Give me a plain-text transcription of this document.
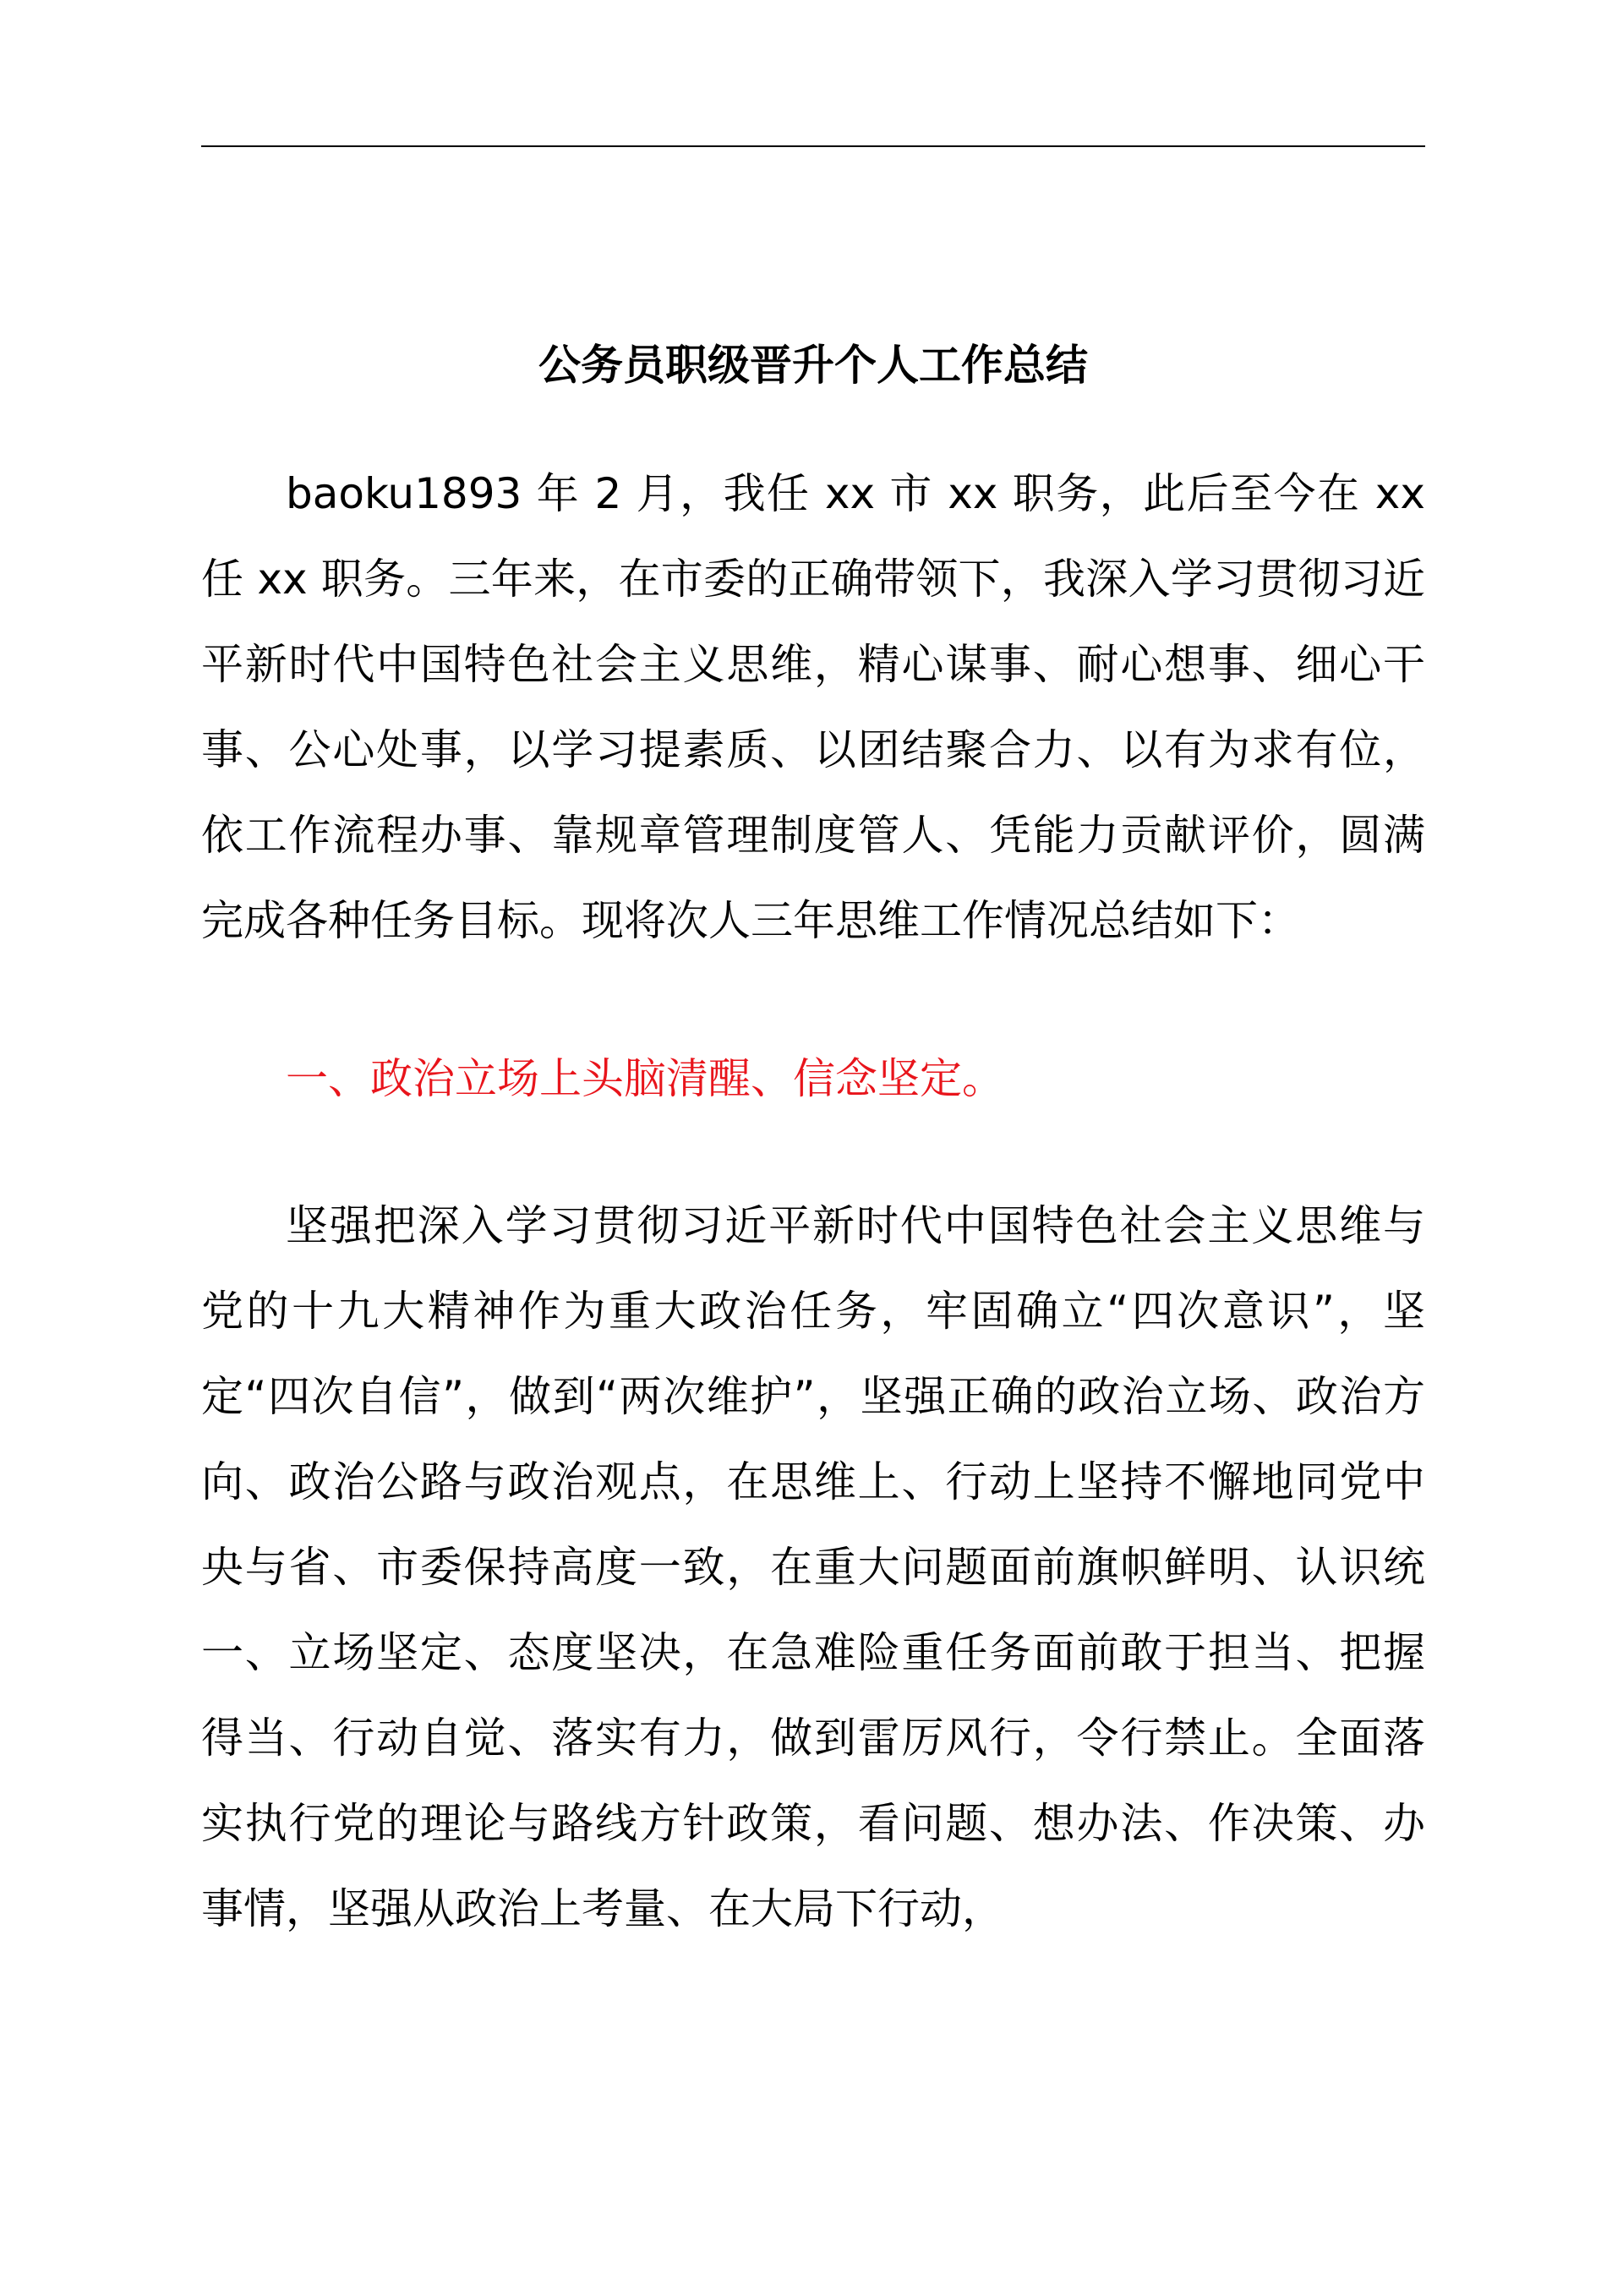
公务员职级晋升个人工作总结

baoku1893 年 2 月，我任 xx 市 xx 职务，此后至今在 xx 任 xx 职务。三年来，在市委的正确带领下，我深入学习贯彻习近平新时代中国特色社会主义思维，精心谋事、耐心想事、细心干事、公心处事，以学习提素质、以团结聚合力、以有为求有位，依工作流程办事、靠规章管理制度管人、凭能力贡献评价，圆满完成各种任务目标。现将次人三年思维工作情况总结如下：

一、政治立场上头脑清醒、信念坚定。

坚强把深入学习贯彻习近平新时代中国特色社会主义思维与党的十九大精神作为重大政治任务，牢固确立“四次意识”，坚定“四次自信”，做到“两次维护”，坚强正确的政治立场、政治方向、政治公路与政治观点，在思维上、行动上坚持不懈地同党中央与省、市委保持高度一致，在重大问题面前旗帜鲜明、认识统一、立场坚定、态度坚决，在急难险重任务面前敢于担当、把握得当、行动自觉、落实有力，做到雷厉风行，令行禁止。全面落实执行党的理论与路线方针政策，看问题、想办法、作决策、办事情，坚强从政治上考量、在大局下行动，
